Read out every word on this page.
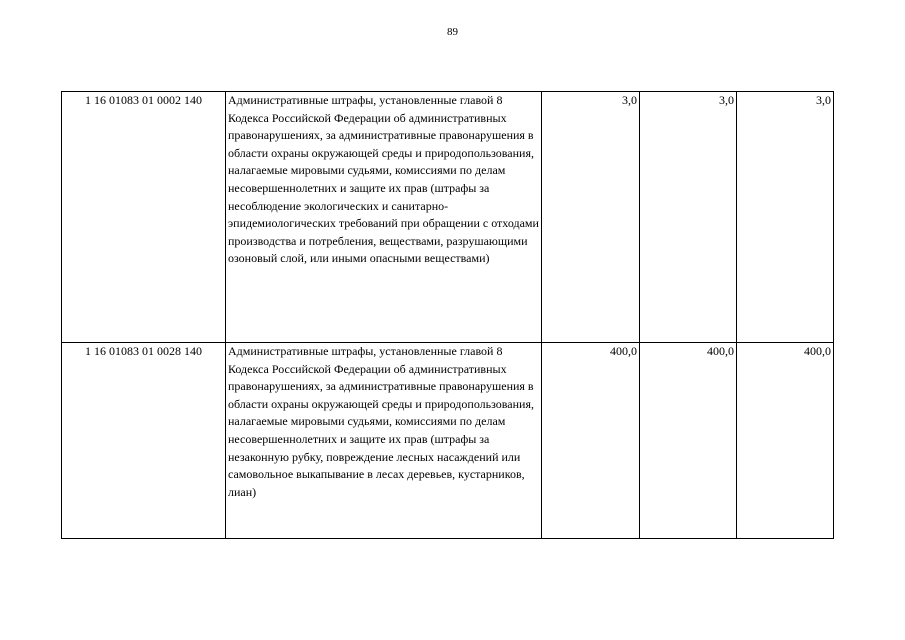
89
1 16 01083 01 0002 140	Административные штрафы, установленные главой 8 Кодекса Российской Федерации об административных правонарушениях, за административные правонарушения в области охраны окружающей среды и природопользования, налагаемые мировыми судьями, комиссиями по делам несовершеннолетних и защите их прав (штрафы за несоблюдение экологических и санитарно-эпидемиологических требований при обращении с отходами производства и потребления, веществами, разрушающими озоновый слой, или иными опасными веществами)	3,0	3,0	3,0
1 16 01083 01 0028 140	Административные штрафы, установленные главой 8 Кодекса Российской Федерации об административных правонарушениях, за административные правонарушения в области охраны окружающей среды и природопользования, налагаемые мировыми судьями, комиссиями по делам несовершеннолетних и защите их прав (штрафы за незаконную рубку, повреждение лесных насаждений или самовольное выкапывание в лесах деревьев, кустарников, лиан)	400,0	400,0	400,0
